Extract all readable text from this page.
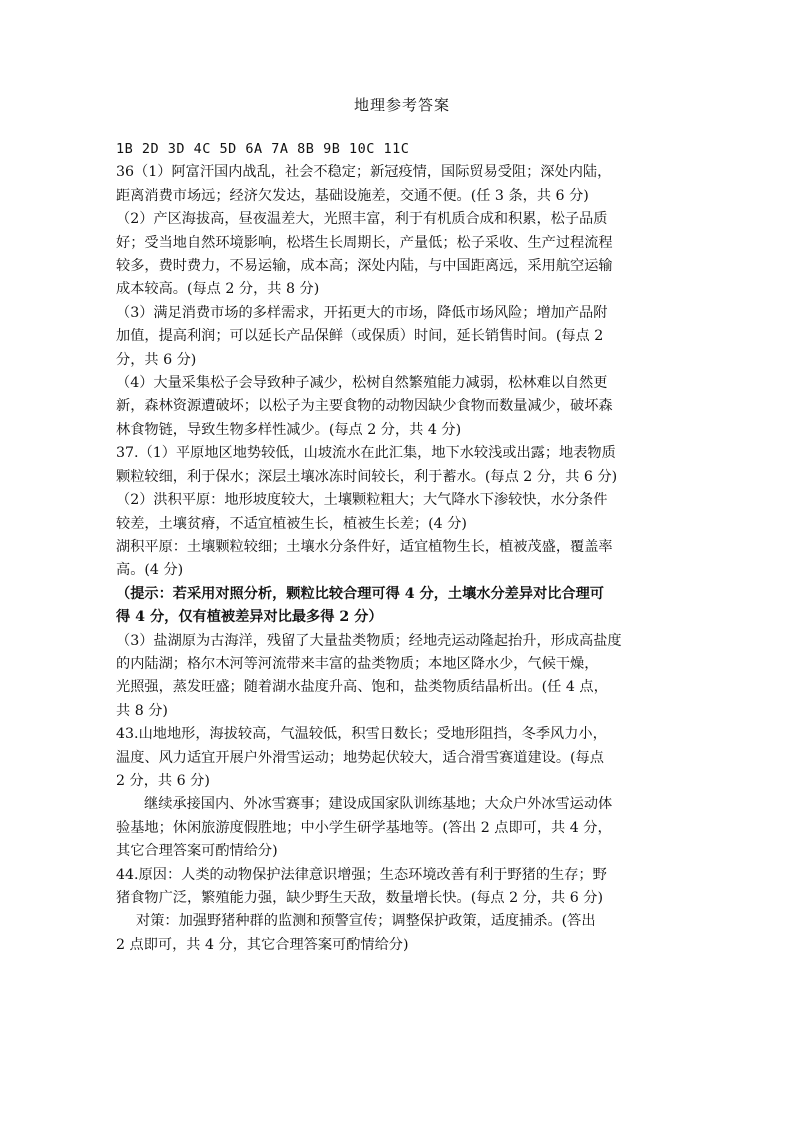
地理参考答案
1B 2D 3D 4C 5D 6A 7A 8B 9B 10C 11C
36（1）阿富汗国内战乱，社会不稳定；新冠疫情，国际贸易受阻；深处内陆，
距离消费市场远；经济欠发达，基础设施差，交通不便。(任 3 条，共 6 分)
（2）产区海拔高，昼夜温差大，光照丰富，利于有机质合成和积累，松子品质
好；受当地自然环境影响，松塔生长周期长，产量低；松子采收、生产过程流程
较多，费时费力，不易运输，成本高；深处内陆，与中国距离远，采用航空运输
成本较高。(每点 2 分，共 8 分)
（3）满足消费市场的多样需求，开拓更大的市场，降低市场风险；增加产品附
加值，提高利润；可以延长产品保鲜（或保质）时间，延长销售时间。(每点 2
分，共 6 分)
（4）大量采集松子会导致种子减少，松树自然繁殖能力减弱，松林难以自然更
新，森林资源遭破坏；以松子为主要食物的动物因缺少食物而数量减少，破坏森
林食物链，导致生物多样性减少。(每点 2 分，共 4 分)
37.（1）平原地区地势较低，山坡流水在此汇集，地下水较浅或出露；地表物质
颗粒较细，利于保水；深层土壤冰冻时间较长，利于蓄水。(每点 2 分，共 6 分)
（2）洪积平原：地形坡度较大，土壤颗粒粗大；大气降水下渗较快，水分条件
较差，土壤贫瘠，不适宜植被生长，植被生长差；(4 分)
湖积平原：土壤颗粒较细；土壤水分条件好，适宜植物生长，植被茂盛，覆盖率
高。(4 分)
（提示：若采用对照分析，颗粒比较合理可得 4 分，土壤水分差异对比合理可
得 4 分，仅有植被差异对比最多得 2 分）
（3）盐湖原为古海洋，残留了大量盐类物质；经地壳运动隆起抬升，形成高盐度
的内陆湖；格尔木河等河流带来丰富的盐类物质；本地区降水少，气候干燥，
光照强，蒸发旺盛；随着湖水盐度升高、饱和，盐类物质结晶析出。(任 4 点，
共 8 分)
43.山地地形，海拔较高，气温较低，积雪日数长；受地形阻挡，冬季风力小，
温度、风力适宜开展户外滑雪运动；地势起伏较大，适合滑雪赛道建设。(每点
2 分，共 6 分)
继续承接国内、外冰雪赛事；建设成国家队训练基地；大众户外冰雪运动体
验基地；休闲旅游度假胜地；中小学生研学基地等。(答出 2 点即可，共 4 分，
其它合理答案可酌情给分)
44.原因：人类的动物保护法律意识增强；生态环境改善有利于野猪的生存；野
猪食物广泛，繁殖能力强，缺少野生天敌，数量增长快。(每点 2 分，共 6 分)
对策：加强野猪种群的监测和预警宣传；调整保护政策，适度捕杀。(答出
2 点即可，共 4 分，其它合理答案可酌情给分)
